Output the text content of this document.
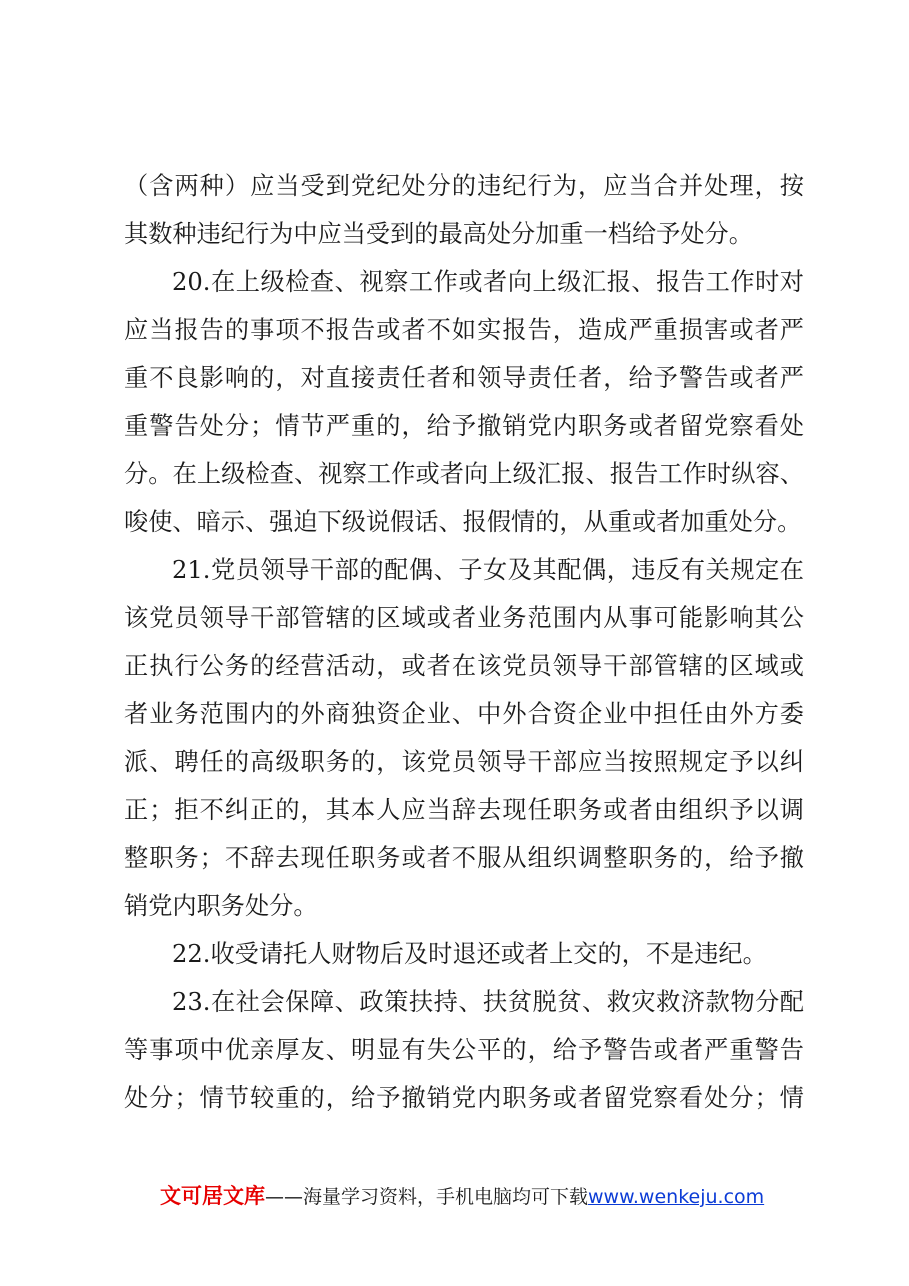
（含两种）应当受到党纪处分的违纪行为，应当合并处理，按
其数种违纪行为中应当受到的最高处分加重一档给予处分。
20.在上级检查、视察工作或者向上级汇报、报告工作时对
应当报告的事项不报告或者不如实报告，造成严重损害或者严
重不良影响的，对直接责任者和领导责任者，给予警告或者严
重警告处分；情节严重的，给予撤销党内职务或者留党察看处
分。在上级检查、视察工作或者向上级汇报、报告工作时纵容、
唆使、暗示、强迫下级说假话、报假情的，从重或者加重处分。
21.党员领导干部的配偶、子女及其配偶，违反有关规定在
该党员领导干部管辖的区域或者业务范围内从事可能影响其公
正执行公务的经营活动，或者在该党员领导干部管辖的区域或
者业务范围内的外商独资企业、中外合资企业中担任由外方委
派、聘任的高级职务的，该党员领导干部应当按照规定予以纠
正；拒不纠正的，其本人应当辞去现任职务或者由组织予以调
整职务；不辞去现任职务或者不服从组织调整职务的，给予撤
销党内职务处分。
22.收受请托人财物后及时退还或者上交的，不是违纪。
23.在社会保障、政策扶持、扶贫脱贫、救灾救济款物分配
等事项中优亲厚友、明显有失公平的，给予警告或者严重警告
处分；情节较重的，给予撤销党内职务或者留党察看处分；情
文可居文库——海量学习资料，手机电脑均可下载www.wenkeju.com
